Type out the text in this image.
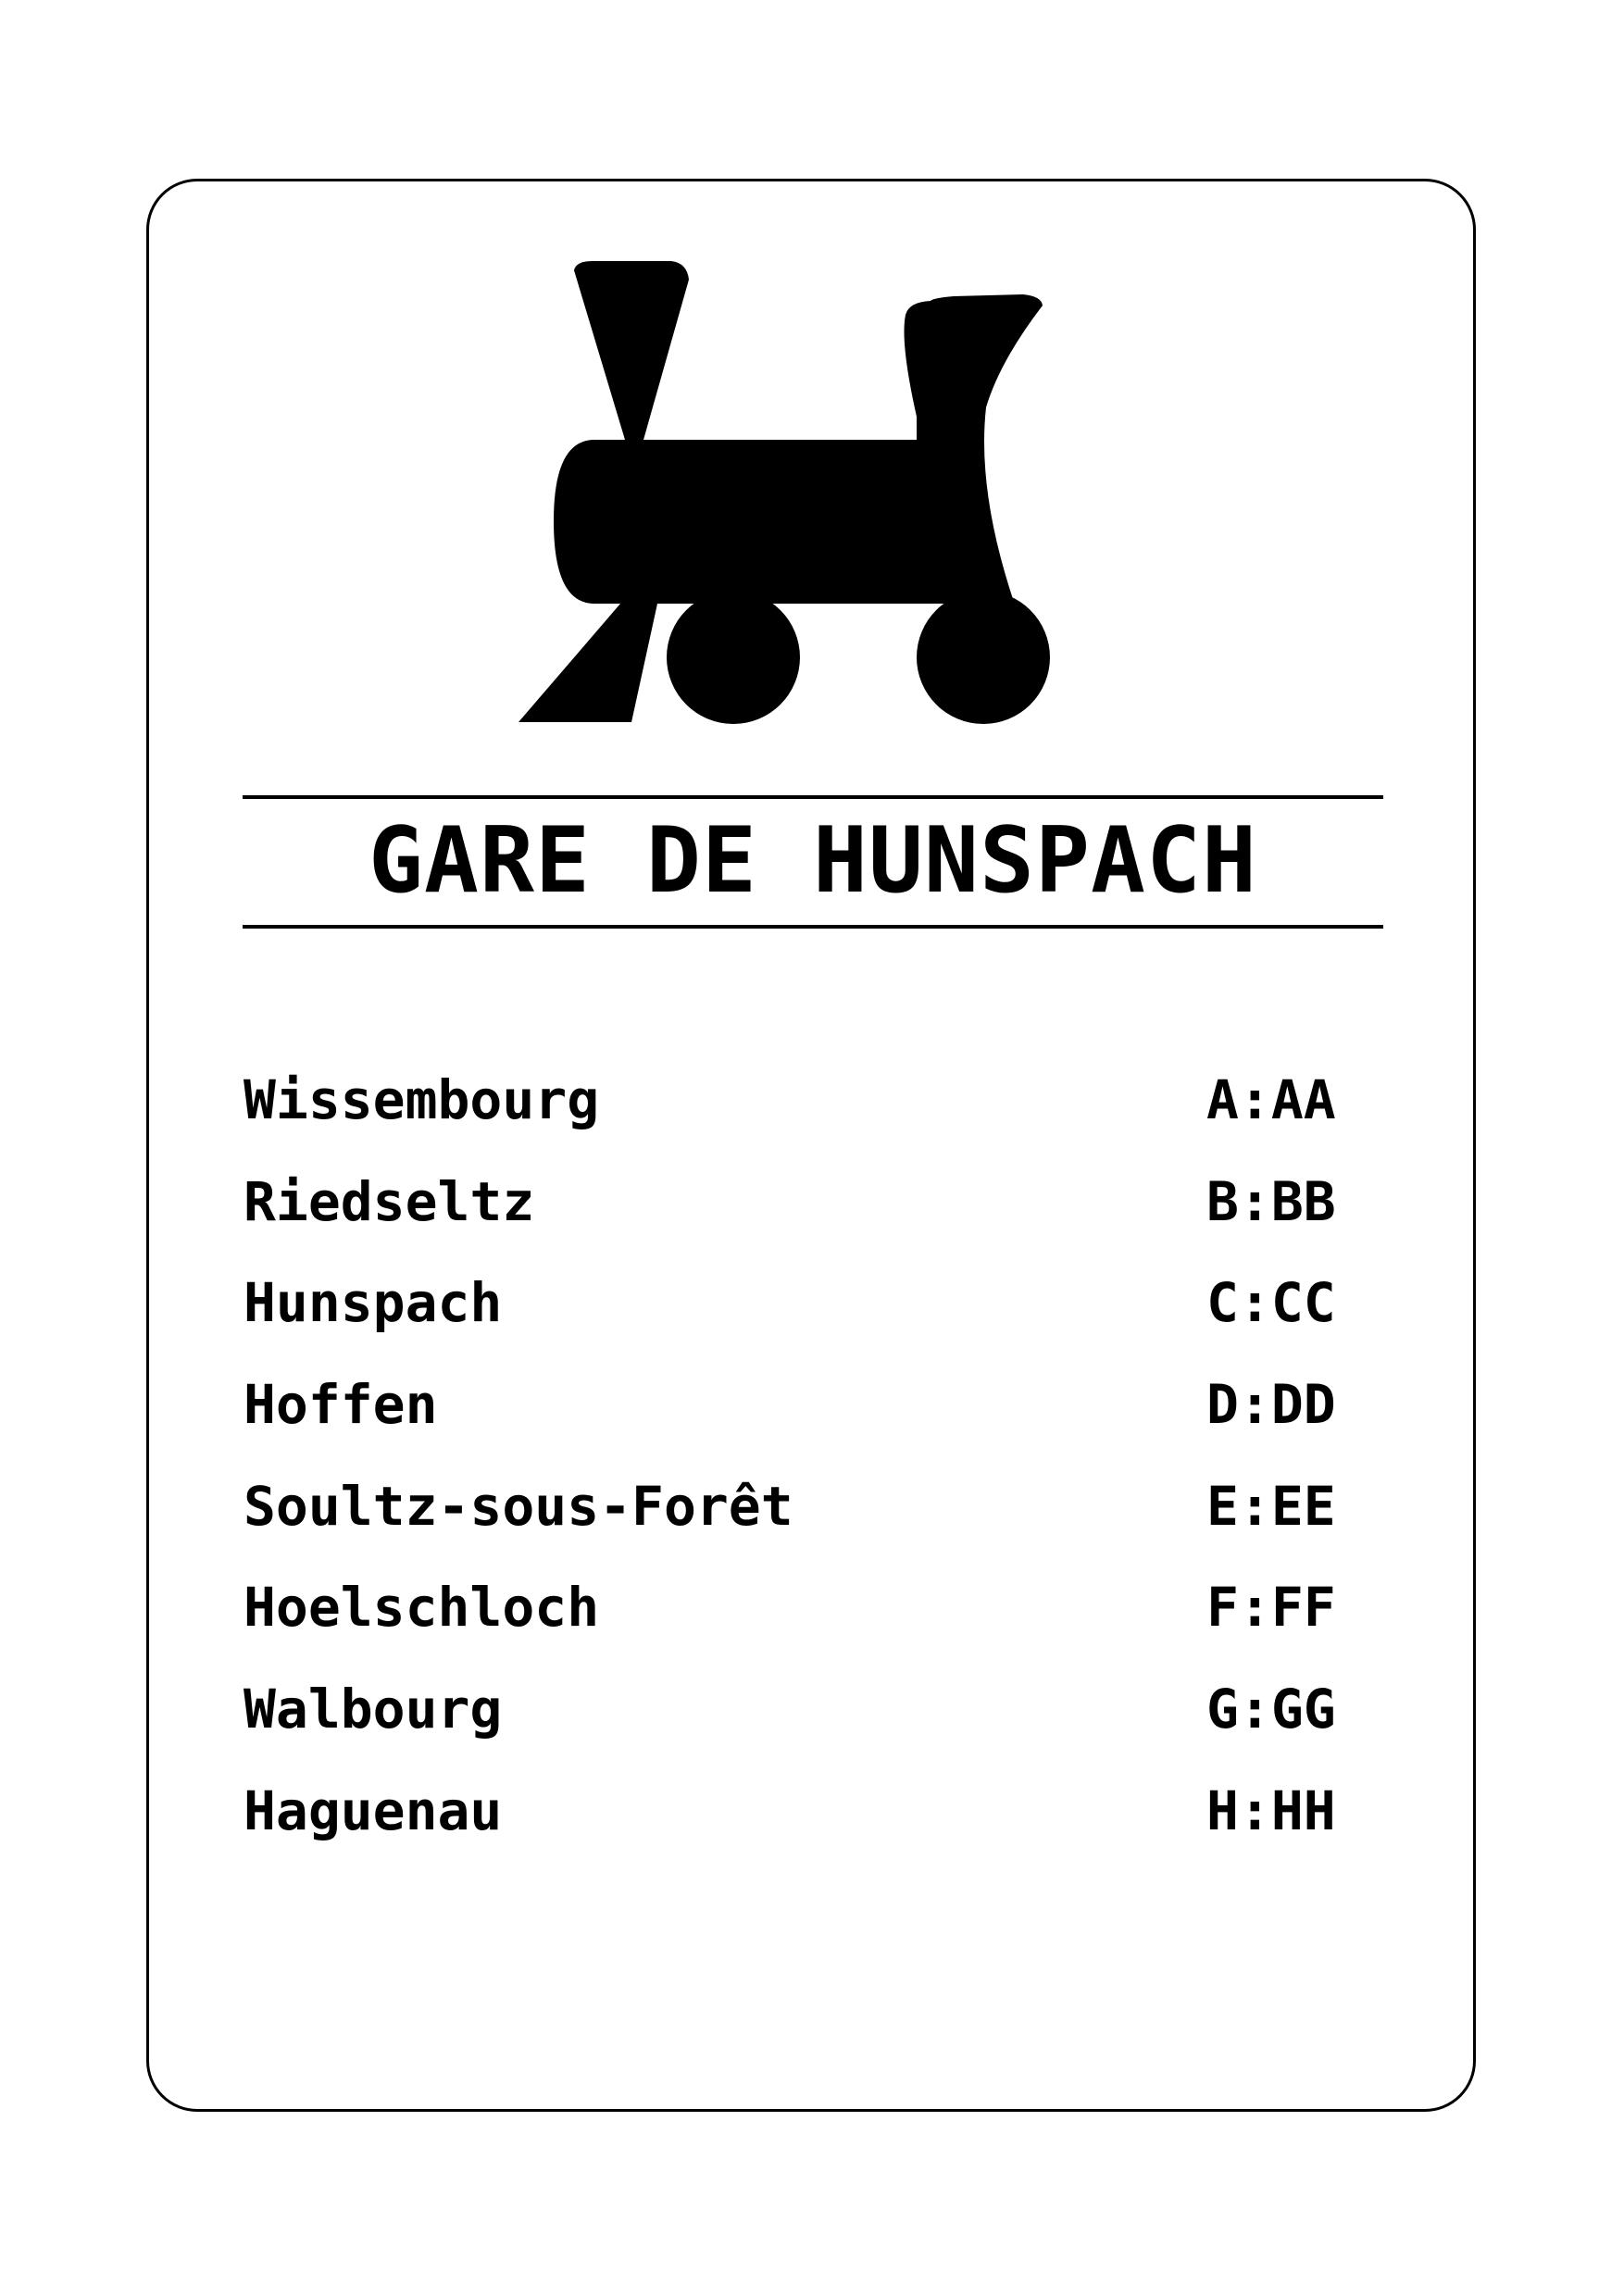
GARE DE HUNSPACH
Wissembourg	A:AA
Riedseltz	B:BB
Hunspach	C:CC
Hoffen	D:DD
Soultz-sous-Forêt	E:EE
Hoelschloch	F:FF
Walbourg	G:GG
Haguenau	H:HH
